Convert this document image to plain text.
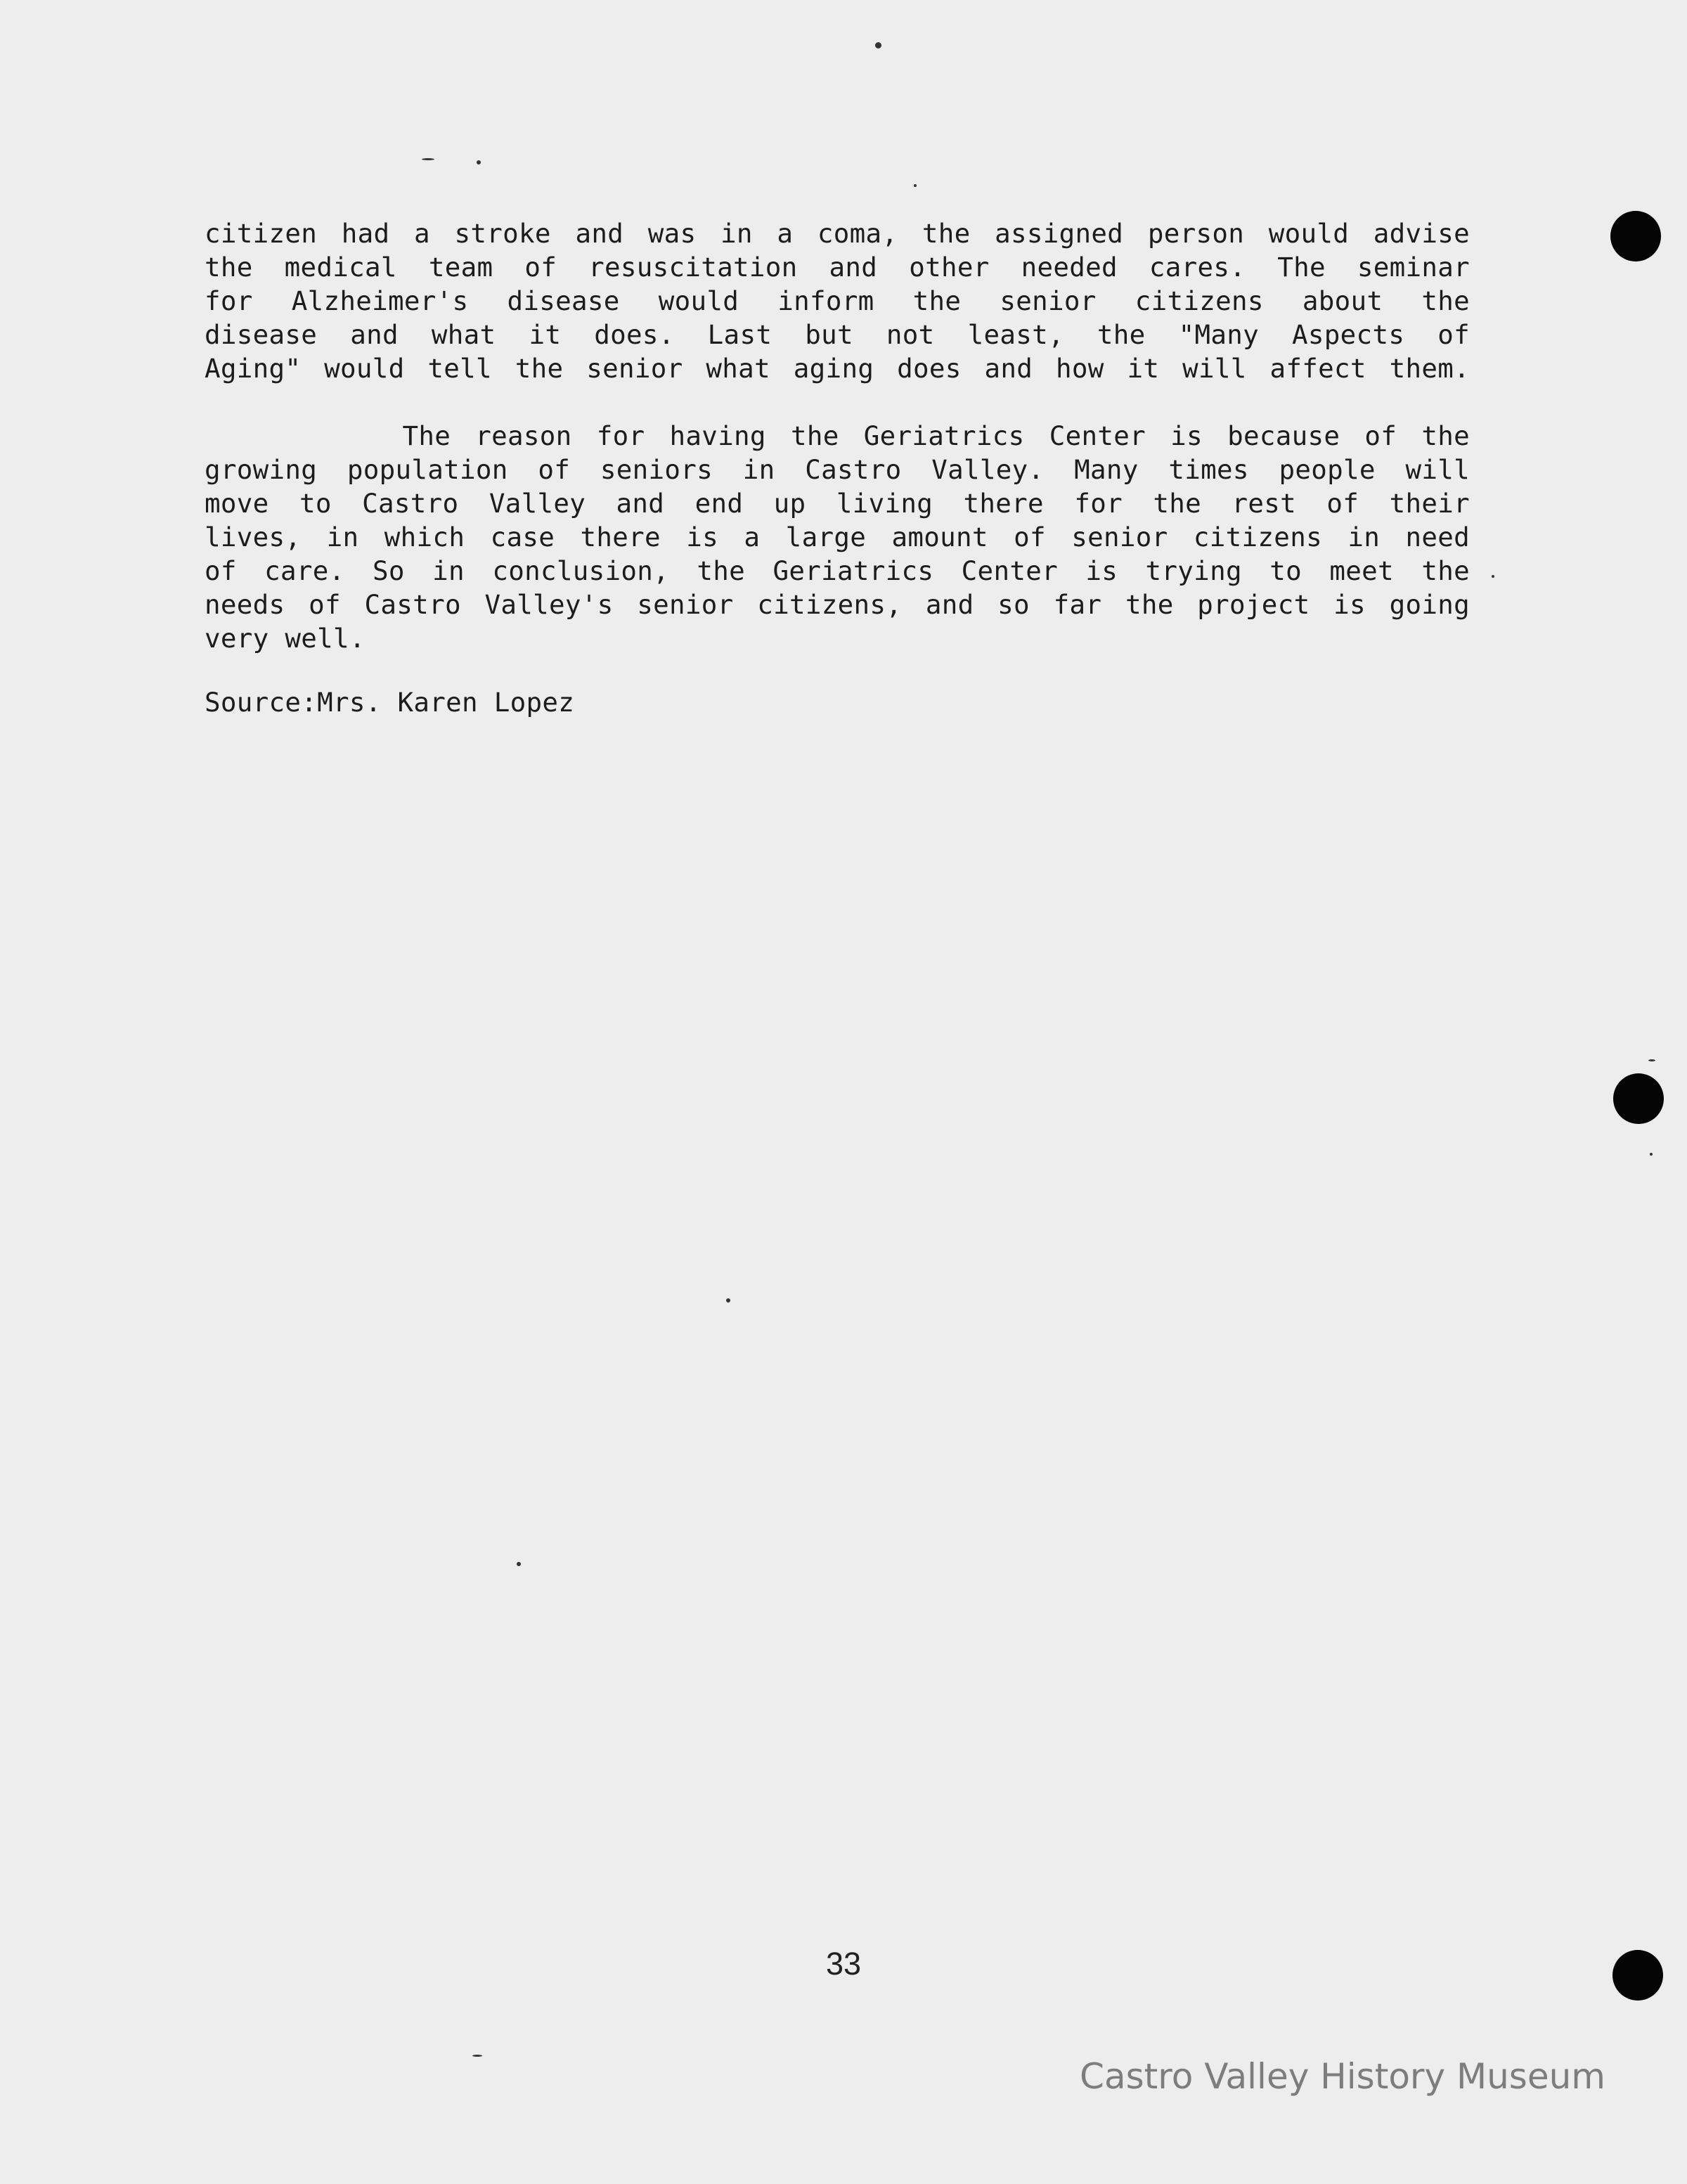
citizen had a stroke and was in a coma, the assigned person would advise
the medical team of resuscitation and other needed cares. The seminar
for Alzheimer's disease would inform the senior citizens about the
disease and what it does. Last but not least, the "Many Aspects of
Aging" would tell the senior what aging does and how it will affect them.
The reason for having the Geriatrics Center is because of the
growing population of seniors in Castro Valley. Many times people will
move to Castro Valley and end up living there for the rest of their
lives, in which case there is a large amount of senior citizens in need
of care. So in conclusion, the Geriatrics Center is trying to meet the
needs of Castro Valley's senior citizens, and so far the project is going
very well.
Source:Mrs. Karen Lopez
33
Castro Valley History Museum
